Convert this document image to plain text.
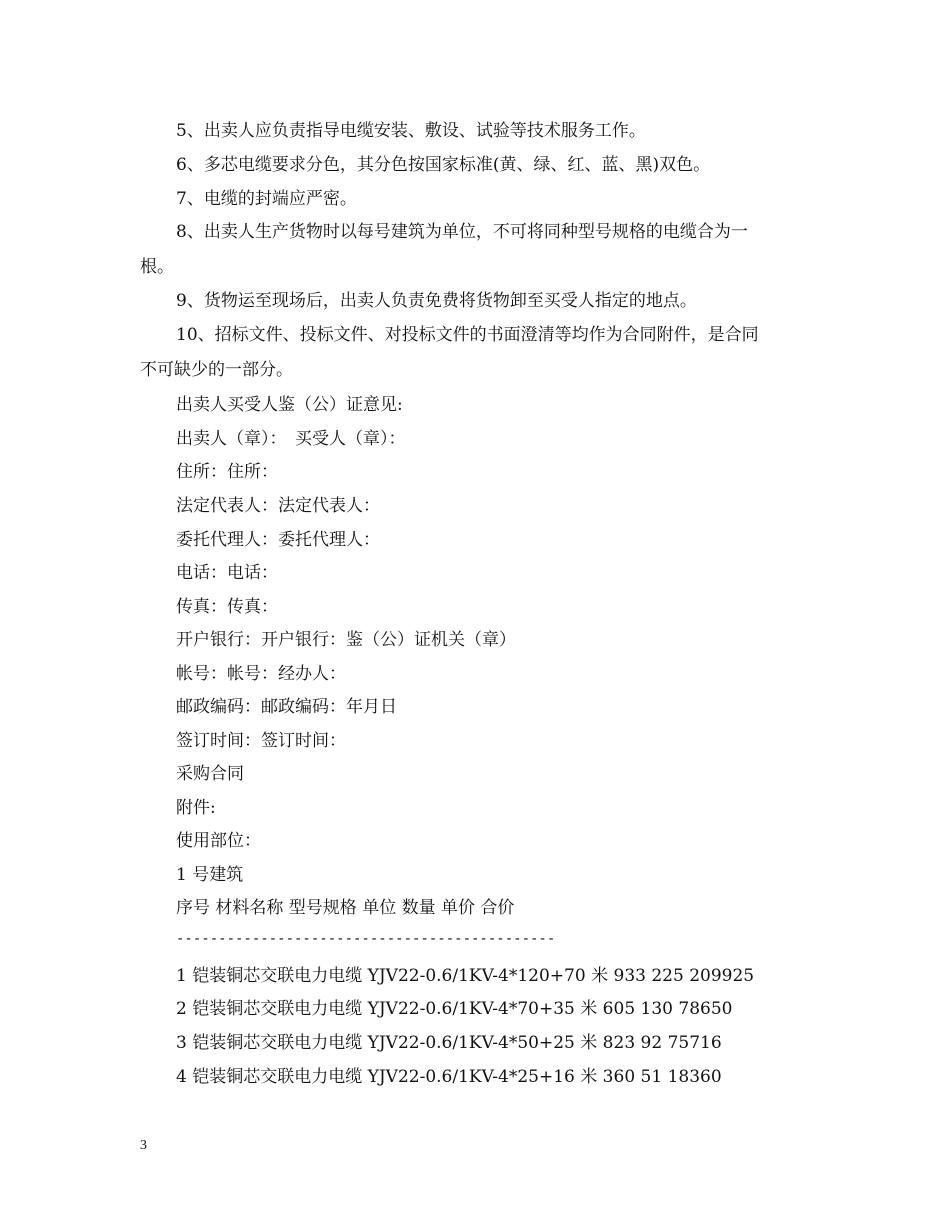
5、出卖人应负责指导电缆安装、敷设、试验等技术服务工作。
6、多芯电缆要求分色，其分色按国家标准(黄、绿、红、蓝、黑)双色。
7、电缆的封端应严密。
8、出卖人生产货物时以每号建筑为单位，不可将同种型号规格的电缆合为一
根。
9、货物运至现场后，出卖人负责免费将货物卸至买受人指定的地点。
10、招标文件、投标文件、对投标文件的书面澄清等均作为合同附件，是合同
不可缺少的一部分。
出卖人买受人鉴（公）证意见:
出卖人（章）：　买受人（章）：
住所：住所：
法定代表人：法定代表人：
委托代理人：委托代理人：
电话：电话：
传真：传真：
开户银行：开户银行：鉴（公）证机关（章）
帐号：帐号：经办人：
邮政编码：邮政编码：年月日
签订时间：签订时间：
采购合同
附件:
使用部位：
1 号建筑
序号 材料名称 型号规格 单位 数量 单价 合价
---------------------------------------------
1 铠装铜芯交联电力电缆 YJV22-0.6/1KV-4*120+70 米 933 225 209925
2 铠装铜芯交联电力电缆 YJV22-0.6/1KV-4*70+35 米 605 130 78650
3 铠装铜芯交联电力电缆 YJV22-0.6/1KV-4*50+25 米 823 92 75716
4 铠装铜芯交联电力电缆 YJV22-0.6/1KV-4*25+16 米 360 51 18360
3
